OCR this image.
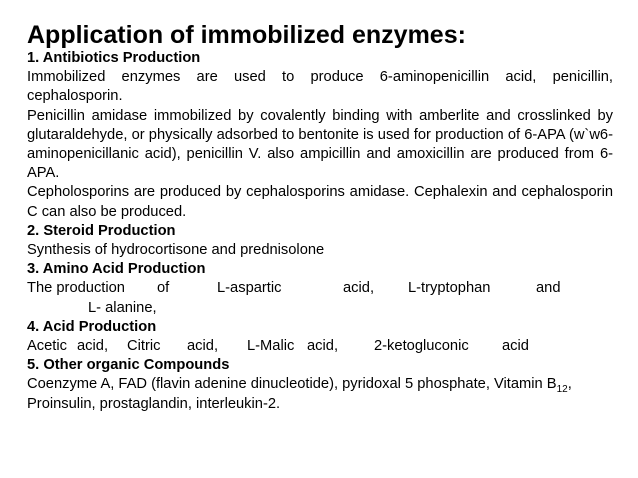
Application of immobilized enzymes:

1. Antibiotics Production

Immobilized enzymes are used to produce 6-aminopenicillin acid, penicillin, cephalosporin.

Penicillin amidase immobilized by covalently binding with amberlite and crosslinked by glutaraldehyde, or physically adsorbed to bentonite is used for production of 6-APA (w`w6-aminopenicillanic acid), penicillin V. also ampicillin and amoxicillin are produced from 6-APA.

Cepholosporins are produced by cephalosporins amidase. Cephalexin and cephalosporin C can also be produced.

2. Steroid Production

Synthesis of hydrocortisone and prednisolone

3. Amino Acid Production

The production	of	L-aspartic	acid,	L-tryptophan	and

L- alanine,

4. Acid Production

Acetic acid,	Citric	acid,	L-Malic acid,	2-ketogluconic	acid

5. Other organic Compounds

Coenzyme A, FAD (flavin adenine dinucleotide), pyridoxal 5 phosphate, Vitamin $B_{12}$, Proinsulin, prostaglandin, interleukin-2.
